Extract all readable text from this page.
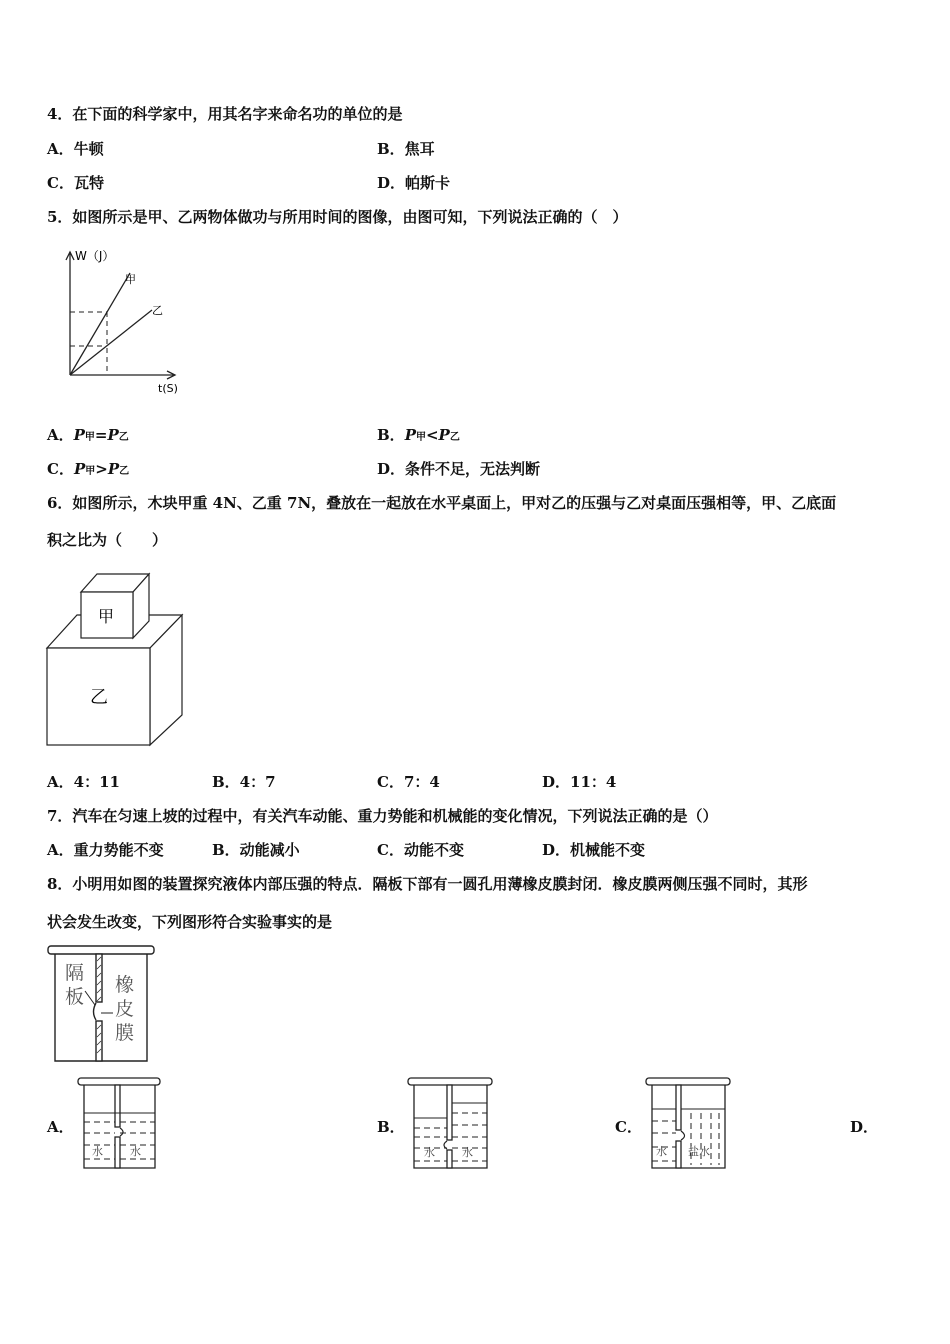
4．在下面的科学家中，用其名字来命名功的单位的是
A．牛顿	B．焦耳
C．瓦特	D．帕斯卡
5．如图所示是甲、乙两物体做功与所用时间的图像，由图可知，下列说法正确的（　）
W（J）
甲
乙
t(S)
A．P甲=P乙	B．P甲<P乙
C．P甲>P乙	D．条件不足，无法判断
6．如图所示，木块甲重 4N、乙重 7N，叠放在一起放在水平桌面上，甲对乙的压强与乙对桌面压强相等，甲、乙底面
积之比为（　　）
甲
乙
A．4：11	B．4：7	C．7：4	D．11：4
7．汽车在匀速上坡的过程中，有关汽车动能、重力势能和机械能的变化情况，下列说法正确的是（）
A．重力势能不变	B．动能减小	C．动能不变	D．机械能不变
8．小明用如图的装置探究液体内部压强的特点．隔板下部有一圆孔用薄橡皮膜封闭．橡皮膜两侧压强不同时，其形
状会发生改变，下列图形符合实验事实的是
隔
板
橡
皮
膜
A．
水 水
B．
水 水
C．
水 盐水
D．
